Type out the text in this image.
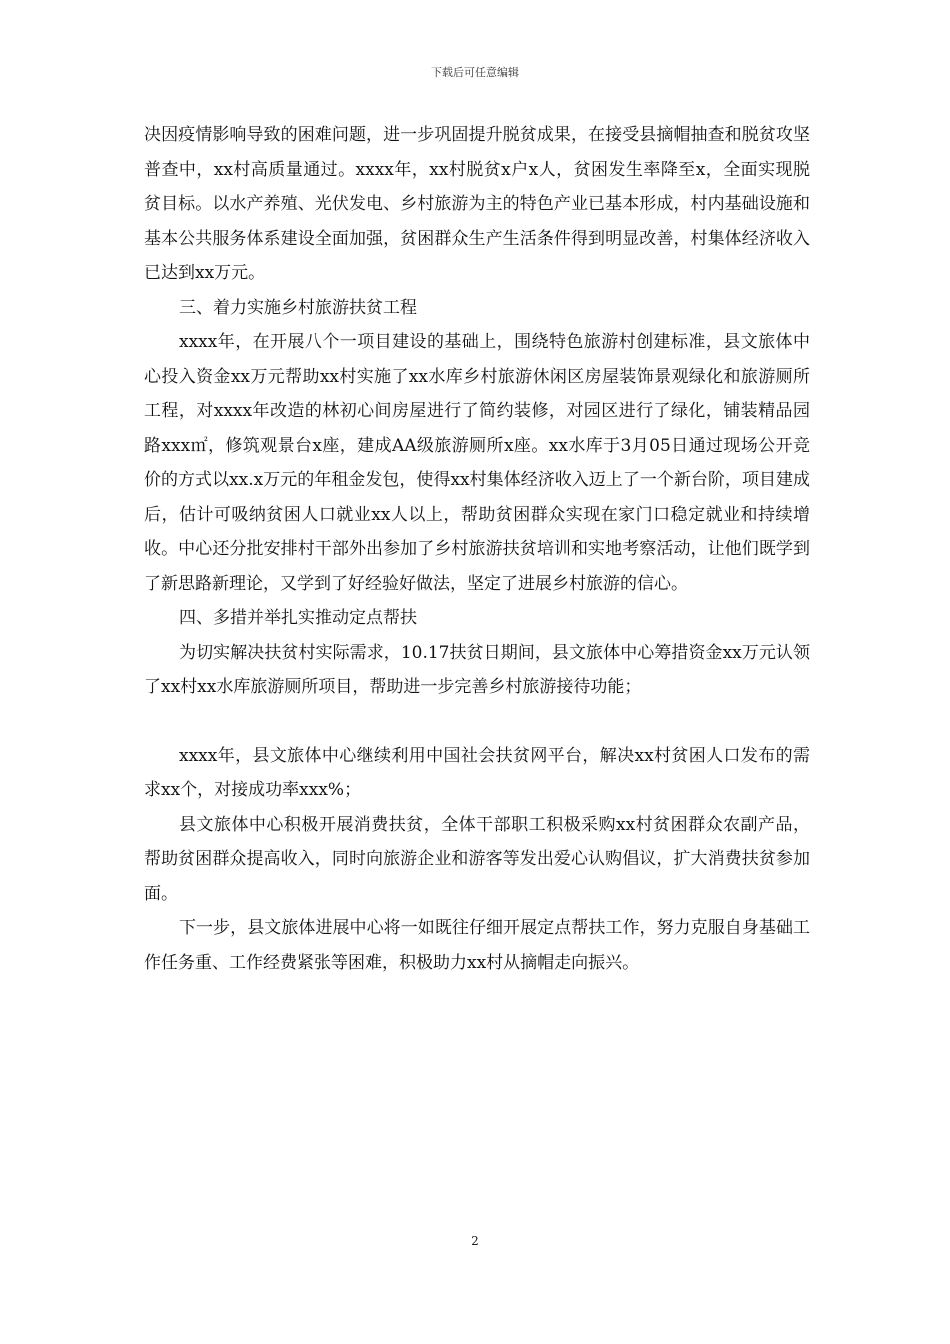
下载后可任意编辑

决因疫情影响导致的困难问题，进一步巩固提升脱贫成果，在接受县摘帽抽查和脱贫攻坚普查中，xx村高质量通过。xxxx年，xx村脱贫x户x人，贫困发生率降至x，全面实现脱贫目标。以水产养殖、光伏发电、乡村旅游为主的特色产业已基本形成，村内基础设施和基本公共服务体系建设全面加强，贫困群众生产生活条件得到明显改善，村集体经济收入已达到xx万元。

三、着力实施乡村旅游扶贫工程

xxxx年，在开展八个一项目建设的基础上，围绕特色旅游村创建标准，县文旅体中心投入资金xx万元帮助xx村实施了xx水库乡村旅游休闲区房屋装饰景观绿化和旅游厕所工程，对xxxx年改造的林初心间房屋进行了简约装修，对园区进行了绿化，铺装精品园路xxx㎡，修筑观景台x座，建成AA级旅游厕所x座。xx水库于3月05日通过现场公开竞价的方式以xx.x万元的年租金发包，使得xx村集体经济收入迈上了一个新台阶，项目建成后，估计可吸纳贫困人口就业xx人以上，帮助贫困群众实现在家门口稳定就业和持续增收。中心还分批安排村干部外出参加了乡村旅游扶贫培训和实地考察活动，让他们既学到了新思路新理论，又学到了好经验好做法，坚定了进展乡村旅游的信心。

四、多措并举扎实推动定点帮扶

为切实解决扶贫村实际需求，10.17扶贫日期间，县文旅体中心筹措资金xx万元认领了xx村xx水库旅游厕所项目，帮助进一步完善乡村旅游接待功能；

xxxx年，县文旅体中心继续利用中国社会扶贫网平台，解决xx村贫困人口发布的需求xx个，对接成功率xxx%；

县文旅体中心积极开展消费扶贫，全体干部职工积极采购xx村贫困群众农副产品，帮助贫困群众提高收入，同时向旅游企业和游客等发出爱心认购倡议，扩大消费扶贫参加面。

下一步，县文旅体进展中心将一如既往仔细开展定点帮扶工作，努力克服自身基础工作任务重、工作经费紧张等困难，积极助力xx村从摘帽走向振兴。

2
